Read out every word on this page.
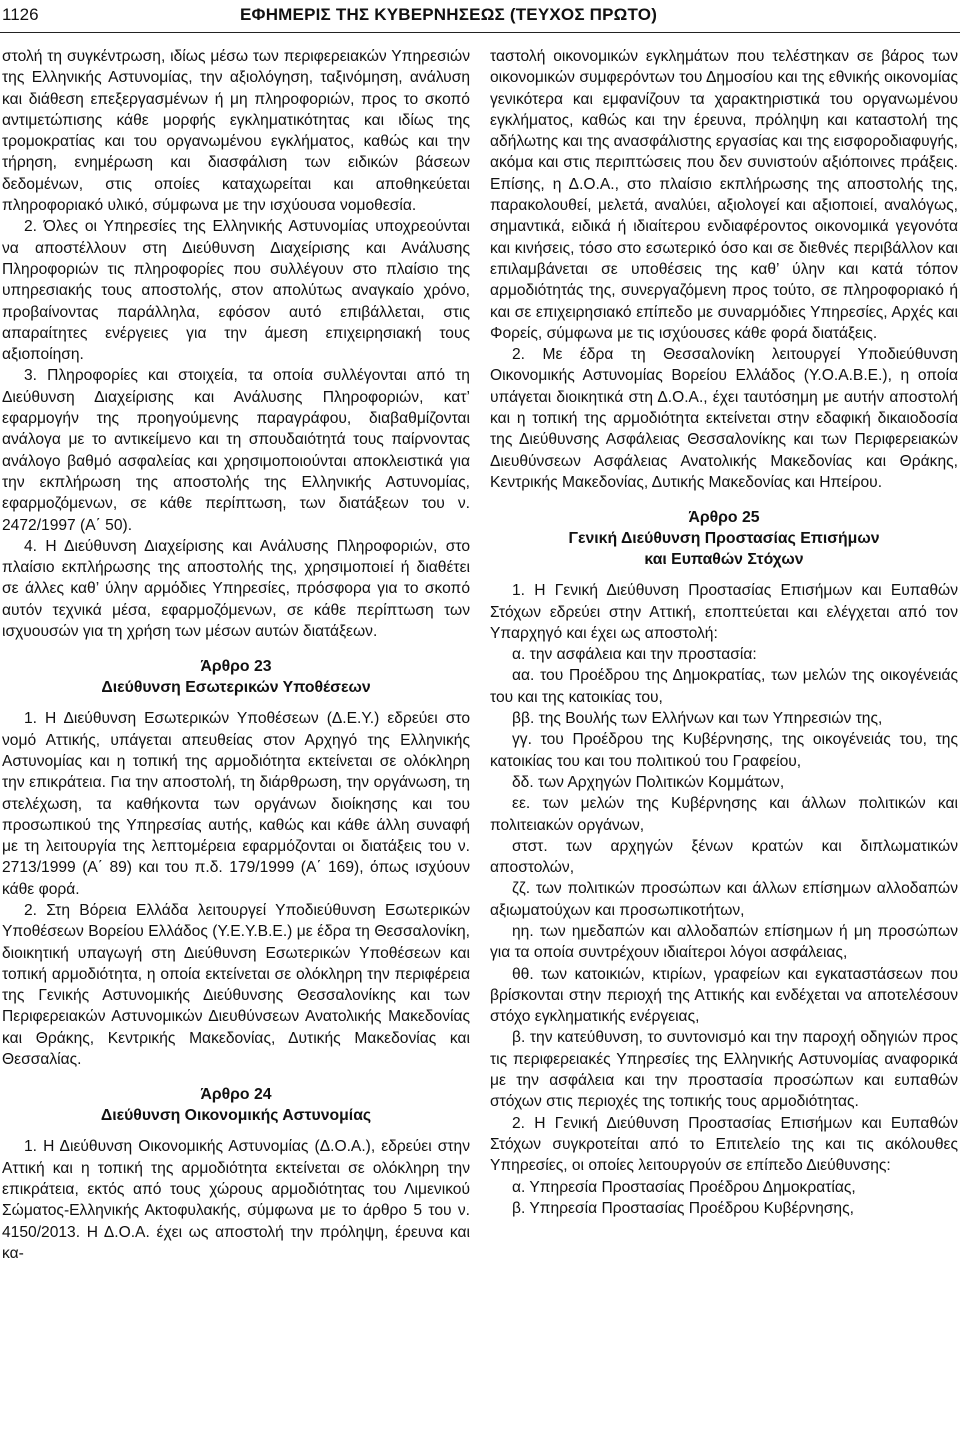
1126	ΕΦΗΜΕΡΙΣ ΤΗΣ ΚΥΒΕΡΝΗΣΕΩΣ (ΤΕΥΧΟΣ ΠΡΩΤΟ)

στολή τη συγκέντρωση, ιδίως μέσω των περιφερειακών Υπηρεσιών της Ελληνικής Αστυνομίας, την αξιολόγηση, ταξινόμηση, ανάλυση και διάθεση επεξεργασμένων ή μη πληροφοριών, προς το σκοπό αντιμετώπισης κάθε μορφής εγκληματικότητας και ιδίως της τρομοκρατίας και του οργανωμένου εγκλήματος, καθώς και την τήρηση, ενημέρωση και διασφάλιση των ειδικών βάσεων δεδομένων, στις οποίες καταχωρείται και αποθηκεύεται πληροφοριακό υλικό, σύμφωνα με την ισχύουσα νομοθεσία.

2. Όλες οι Υπηρεσίες της Ελληνικής Αστυνομίας υποχρεούνται να αποστέλλουν στη Διεύθυνση Διαχείρισης και Ανάλυσης Πληροφοριών τις πληροφορίες που συλλέγουν στο πλαίσιο της υπηρεσιακής τους αποστολής, στον απολύτως αναγκαίο χρόνο, προβαίνοντας παράλληλα, εφόσον αυτό επιβάλλεται, στις απαραίτητες ενέργειες για την άμεση επιχειρησιακή τους αξιοποίηση.

3. Πληροφορίες και στοιχεία, τα οποία συλλέγονται από τη Διεύθυνση Διαχείρισης και Ανάλυσης Πληροφοριών, κατ’ εφαρμογήν της προηγούμενης παραγράφου, διαβαθμίζονται ανάλογα με το αντικείμενο και τη σπουδαιότητά τους παίρνοντας ανάλογο βαθμό ασφαλείας και χρησιμοποιούνται αποκλειστικά για την εκπλήρωση της αποστολής της Ελληνικής Αστυνομίας, εφαρμοζόμενων, σε κάθε περίπτωση, των διατάξεων του ν. 2472/1997 (Α΄ 50).

4. Η Διεύθυνση Διαχείρισης και Ανάλυσης Πληροφοριών, στο πλαίσιο εκπλήρωσης της αποστολής της, χρησιμοποιεί ή διαθέτει σε άλλες καθ’ ύλην αρμόδιες Υπηρεσίες, πρόσφορα για το σκοπό αυτόν τεχνικά μέσα, εφαρμοζόμενων, σε κάθε περίπτωση των ισχυουσών για τη χρήση των μέσων αυτών διατάξεων.

Άρθρο 23
Διεύθυνση Εσωτερικών Υποθέσεων

1. Η Διεύθυνση Εσωτερικών Υποθέσεων (Δ.Ε.Υ.) εδρεύει στο νομό Αττικής, υπάγεται απευθείας στον Αρχηγό της Ελληνικής Αστυνομίας και η τοπική της αρμοδιότητα εκτείνεται σε ολόκληρη την επικράτεια. Για την αποστολή, τη διάρθρωση, την οργάνωση, τη στελέχωση, τα καθήκοντα των οργάνων διοίκησης και του προσωπικού της Υπηρεσίας αυτής, καθώς και κάθε άλλη συναφή με τη λειτουργία της λεπτομέρεια εφαρμόζονται οι διατάξεις του ν. 2713/1999 (Α΄ 89) και του π.δ. 179/1999 (Α΄ 169), όπως ισχύουν κάθε φορά.

2. Στη Βόρεια Ελλάδα λειτουργεί Υποδιεύθυνση Εσωτερικών Υποθέσεων Βορείου Ελλάδος (Υ.Ε.Υ.Β.Ε.) με έδρα τη Θεσσαλονίκη, διοικητική υπαγωγή στη Διεύθυνση Εσωτερικών Υποθέσεων και τοπική αρμοδιότητα, η οποία εκτείνεται σε ολόκληρη την περιφέρεια της Γενικής Αστυνομικής Διεύθυνσης Θεσσαλονίκης και των Περιφερειακών Αστυνομικών Διευθύνσεων Ανατολικής Μακεδονίας και Θράκης, Κεντρικής Μακεδονίας, Δυτικής Μακεδονίας και Θεσσαλίας.

Άρθρο 24
Διεύθυνση Οικονομικής Αστυνομίας

1. Η Διεύθυνση Οικονομικής Αστυνομίας (Δ.Ο.Α.), εδρεύει στην Αττική και η τοπική της αρμοδιότητα εκτείνεται σε ολόκληρη την επικράτεια, εκτός από τους χώρους αρμοδιότητας του Λιμενικού Σώματος-Ελληνικής Ακτοφυλακής, σύμφωνα με το άρθρο 5 του ν. 4150/2013. Η Δ.Ο.Α. έχει ως αποστολή την πρόληψη, έρευνα και κα-

ταστολή οικονομικών εγκλημάτων που τελέστηκαν σε βάρος των οικονομικών συμφερόντων του Δημοσίου και της εθνικής οικονομίας γενικότερα και εμφανίζουν τα χαρακτηριστικά του οργανωμένου εγκλήματος, καθώς και την έρευνα, πρόληψη και καταστολή της αδήλωτης και της ανασφάλιστης εργασίας και της εισφοροδιαφυγής, ακόμα και στις περιπτώσεις που δεν συνιστούν αξιόποινες πράξεις. Επίσης, η Δ.Ο.Α., στο πλαίσιο εκπλήρωσης της αποστολής της, παρακολουθεί, μελετά, αναλύει, αξιολογεί και αξιοποιεί, αναλόγως, σημαντικά, ειδικά ή ιδιαίτερου ενδιαφέροντος οικονομικά γεγονότα και κινήσεις, τόσο στο εσωτερικό όσο και σε διεθνές περιβάλλον και επιλαμβάνεται σε υποθέσεις της καθ’ ύλην και κατά τόπον αρμοδιότητάς της, συνεργαζόμενη προς τούτο, σε πληροφοριακό ή και σε επιχειρησιακό επίπεδο με συναρμόδιες Υπηρεσίες, Αρχές και Φορείς, σύμφωνα με τις ισχύουσες κάθε φορά διατάξεις.

2. Με έδρα τη Θεσσαλονίκη λειτουργεί Υποδιεύθυνση Οικονομικής Αστυνομίας Βορείου Ελλάδος (Υ.Ο.Α.Β.Ε.), η οποία υπάγεται διοικητικά στη Δ.Ο.Α., έχει ταυτόσημη με αυτήν αποστολή και η τοπική της αρμοδιότητα εκτείνεται στην εδαφική δικαιοδοσία της Διεύθυνσης Ασφάλειας Θεσσαλονίκης και των Περιφερειακών Διευθύνσεων Ασφάλειας Ανατολικής Μακεδονίας και Θράκης, Κεντρικής Μακεδονίας, Δυτικής Μακεδονίας και Ηπείρου.

Άρθρο 25
Γενική Διεύθυνση Προστασίας Επισήμων
και Ευπαθών Στόχων

1. Η Γενική Διεύθυνση Προστασίας Επισήμων και Ευπαθών Στόχων εδρεύει στην Αττική, εποπτεύεται και ελέγχεται από τον Υπαρχηγό και έχει ως αποστολή:

α. την ασφάλεια και την προστασία:

αα. του Προέδρου της Δημοκρατίας, των μελών της οικογένειάς του και της κατοικίας του,

ββ. της Βουλής των Ελλήνων και των Υπηρεσιών της,

γγ. του Προέδρου της Κυβέρνησης, της οικογένειάς του, της κατοικίας του και του πολιτικού του Γραφείου,

δδ. των Αρχηγών Πολιτικών Κομμάτων,

εε. των μελών της Κυβέρνησης και άλλων πολιτικών και πολιτειακών οργάνων,

στστ. των αρχηγών ξένων κρατών και διπλωματικών αποστολών,

ζζ. των πολιτικών προσώπων και άλλων επίσημων αλλοδαπών αξιωματούχων και προσωπικοτήτων,

ηη. των ημεδαπών και αλλοδαπών επίσημων ή μη προσώπων για τα οποία συντρέχουν ιδιαίτεροι λόγοι ασφάλειας,

θθ. των κατοικιών, κτιρίων, γραφείων και εγκαταστάσεων που βρίσκονται στην περιοχή της Αττικής και ενδέχεται να αποτελέσουν στόχο εγκληματικής ενέργειας,

β. την κατεύθυνση, το συντονισμό και την παροχή οδηγιών προς τις περιφερειακές Υπηρεσίες της Ελληνικής Αστυνομίας αναφορικά με την ασφάλεια και την προστασία προσώπων και ευπαθών στόχων στις περιοχές της τοπικής τους αρμοδιότητας.

2. Η Γενική Διεύθυνση Προστασίας Επισήμων και Ευπαθών Στόχων συγκροτείται από το Επιτελείο της και τις ακόλουθες Υπηρεσίες, οι οποίες λειτουργούν σε επίπεδο Διεύθυνσης:

α. Υπηρεσία Προστασίας Προέδρου Δημοκρατίας,

β. Υπηρεσία Προστασίας Προέδρου Κυβέρνησης,
